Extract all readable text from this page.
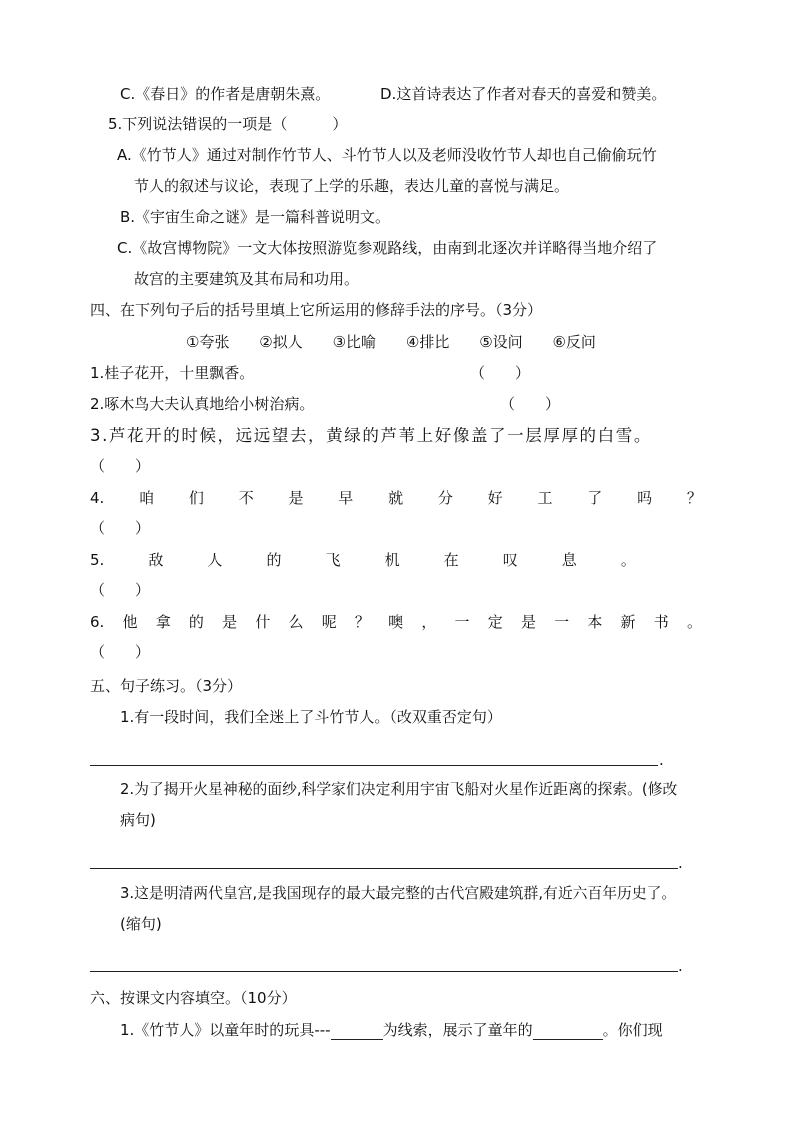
C.《春日》的作者是唐朝朱熹。	D.这首诗表达了作者对春天的喜爱和赞美。
5.下列说法错误的一项是（　　　）
A.《竹节人》通过对制作竹节人、斗竹节人以及老师没收竹节人却也自己偷偷玩竹
节人的叙述与议论，表现了上学的乐趣，表达儿童的喜悦与满足。
B.《宇宙生命之谜》是一篇科普说明文。
C.《故宫博物院》一文大体按照游览参观路线，由南到北逐次并详略得当地介绍了
故宫的主要建筑及其布局和功用。
四、在下列句子后的括号里填上它所运用的修辞手法的序号。（3分）
①夸张 ②拟人 ③比喻 ④排比 ⑤设问 ⑥反问
1.桂子花开，十里飘香。	（　　）
2.啄木鸟大夫认真地给小树治病。	（　　）
3.芦花开的时候，远远望去，黄绿的芦苇上好像盖了一层厚厚的白雪。
（　　）
4. 咱 们 不 是 早 就 分 好 工 了 吗 ？
（　　）
5.	敌	人	的	飞	机	在	叹	息	。
（　　）
6. 他 拿 的 是 什 么 呢 ？ 噢 ， 一 定 是 一 本 新 书 。
（　　）
五、句子练习。（3分）
1.有一段时间，我们全迷上了斗竹节人。（改双重否定句）
.
2.为了揭开火星神秘的面纱,科学家们决定利用宇宙飞船对火星作近距离的探索。(修改
病句)
.
3.这是明清两代皇宫,是我国现存的最大最完整的古代宫殿建筑群,有近六百年历史了。
(缩句)
.
六、按课文内容填空。（10分）
1.《竹节人》以童年时的玩具---	为线索，展示了童年的	。你们现
